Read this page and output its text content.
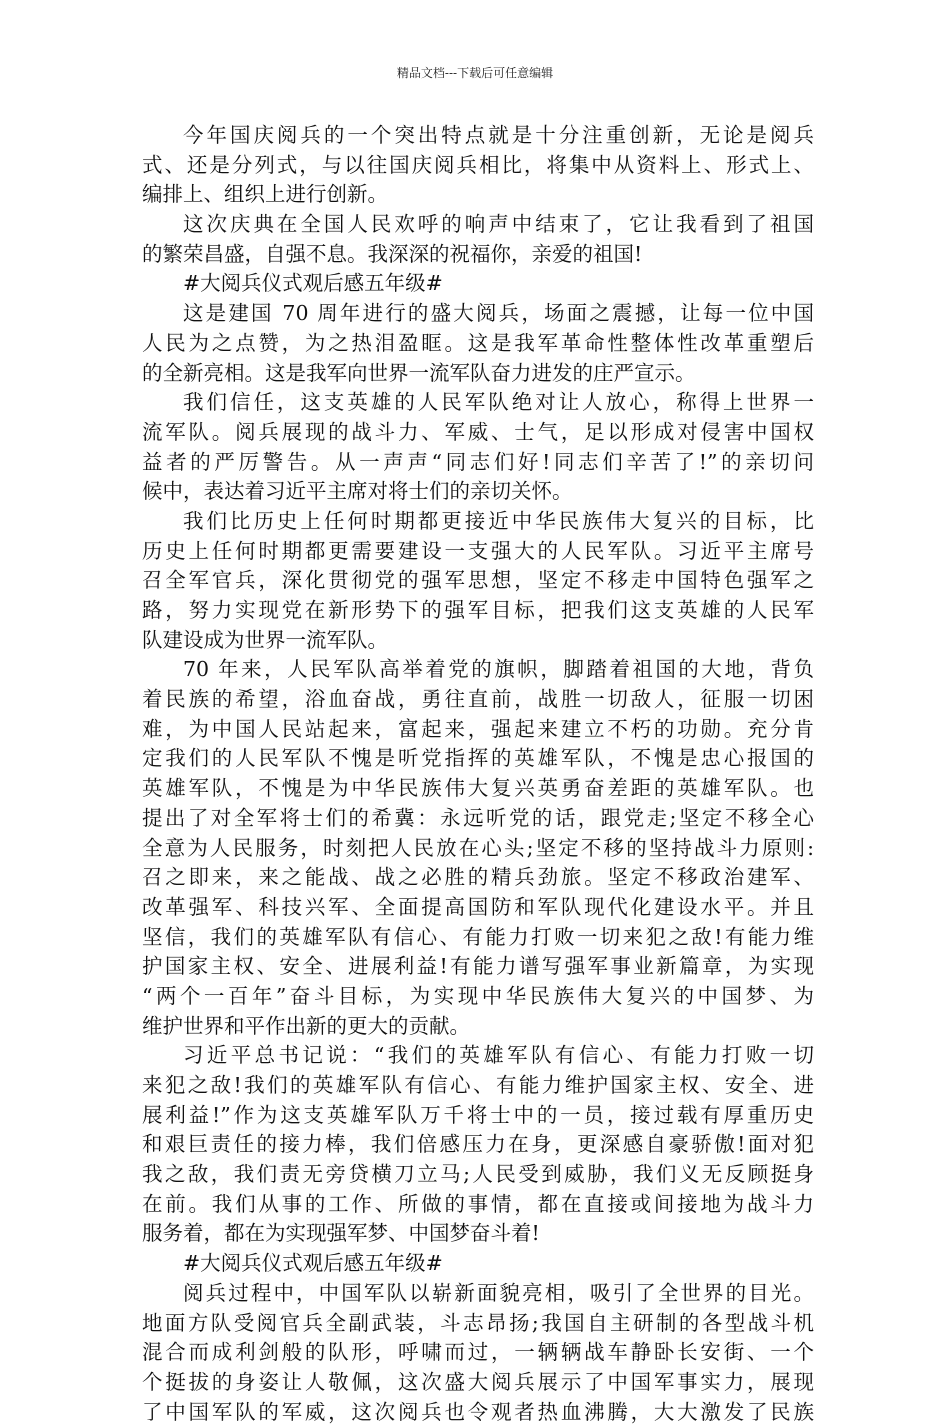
精品文档---下载后可任意编辑
今年国庆阅兵的一个突出特点就是十分注重创新，无论是阅兵
式、还是分列式，与以往国庆阅兵相比，将集中从资料上、形式上、
编排上、组织上进行创新。
这次庆典在全国人民欢呼的响声中结束了，它让我看到了祖国
的繁荣昌盛，自强不息。我深深的祝福你，亲爱的祖国!
#大阅兵仪式观后感五年级#
这是建国 70 周年进行的盛大阅兵，场面之震撼，让每一位中国
人民为之点赞，为之热泪盈眶。这是我军革命性整体性改革重塑后
的全新亮相。这是我军向世界一流军队奋力进发的庄严宣示。
我们信任，这支英雄的人民军队绝对让人放心，称得上世界一
流军队。阅兵展现的战斗力、军威、士气，足以形成对侵害中国权
益者的严厉警告。从一声声“同志们好!同志们辛苦了!”的亲切问
候中，表达着习近平主席对将士们的亲切关怀。
我们比历史上任何时期都更接近中华民族伟大复兴的目标，比
历史上任何时期都更需要建设一支强大的人民军队。习近平主席号
召全军官兵，深化贯彻党的强军思想，坚定不移走中国特色强军之
路，努力实现党在新形势下的强军目标，把我们这支英雄的人民军
队建设成为世界一流军队。
70 年来，人民军队高举着党的旗帜，脚踏着祖国的大地，背负
着民族的希望，浴血奋战，勇往直前，战胜一切敌人，征服一切困
难，为中国人民站起来，富起来，强起来建立不朽的功勋。充分肯
定我们的人民军队不愧是听党指挥的英雄军队，不愧是忠心报国的
英雄军队，不愧是为中华民族伟大复兴英勇奋差距的英雄军队。也
提出了对全军将士们的希冀：永远听党的话，跟党走;坚定不移全心
全意为人民服务，时刻把人民放在心头;坚定不移的坚持战斗力原则:
召之即来，来之能战、战之必胜的精兵劲旅。坚定不移政治建军、
改革强军、科技兴军、全面提高国防和军队现代化建设水平。并且
坚信，我们的英雄军队有信心、有能力打败一切来犯之敌!有能力维
护国家主权、安全、进展利益!有能力谱写强军事业新篇章，为实现
“两个一百年”奋斗目标，为实现中华民族伟大复兴的中国梦、为
维护世界和平作出新的更大的贡献。
习近平总书记说：“我们的英雄军队有信心、有能力打败一切
来犯之敌!我们的英雄军队有信心、有能力维护国家主权、安全、进
展利益!”作为这支英雄军队万千将士中的一员，接过载有厚重历史
和艰巨责任的接力棒，我们倍感压力在身，更深感自豪骄傲!面对犯
我之敌，我们责无旁贷横刀立马;人民受到威胁，我们义无反顾挺身
在前。我们从事的工作、所做的事情，都在直接或间接地为战斗力
服务着，都在为实现强军梦、中国梦奋斗着!
#大阅兵仪式观后感五年级#
阅兵过程中，中国军队以崭新面貌亮相，吸引了全世界的目光。
地面方队受阅官兵全副武装，斗志昂扬;我国自主研制的各型战斗机
混合而成利剑般的队形，呼啸而过，一辆辆战车静卧长安街、一个
个挺拔的身姿让人敬佩，这次盛大阅兵展示了中国军事实力，展现
了中国军队的军威，这次阅兵也令观者热血沸腾，大大激发了民族
